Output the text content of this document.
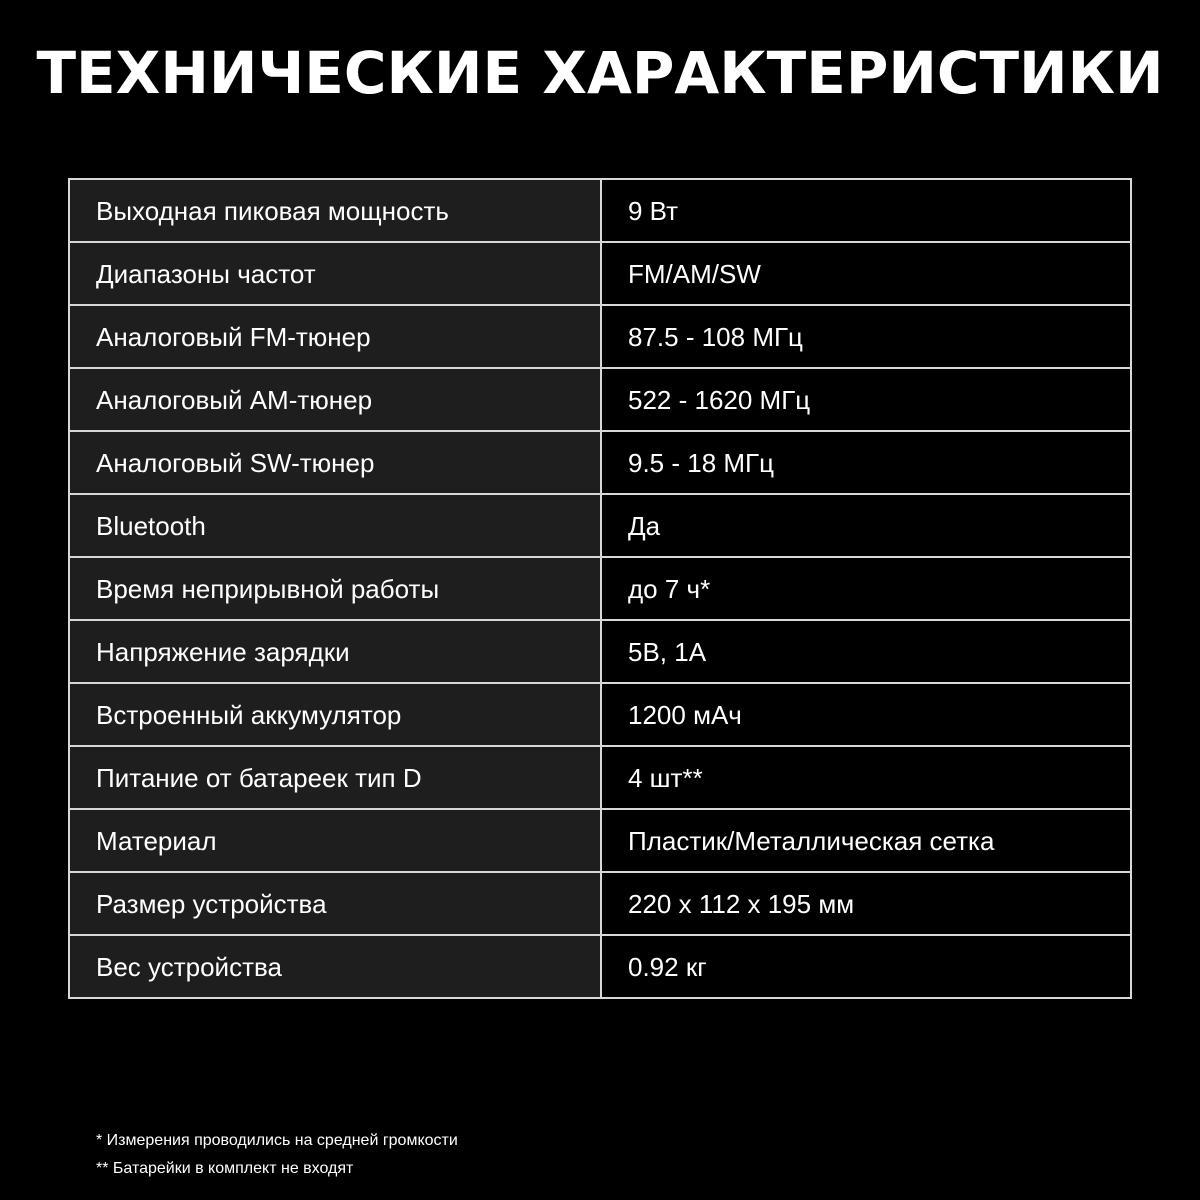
ТЕХНИЧЕСКИЕ ХАРАКТЕРИСТИКИ
Выходная пиковая мощность	9 Вт
Диапазоны частот	FM/AM/SW
Аналоговый FM-тюнер	87.5 - 108 МГц
Аналоговый AM-тюнер	522 - 1620 МГц
Аналоговый SW-тюнер	9.5 - 18 МГц
Bluetooth	Да
Время неприрывной работы	до 7 ч*
Напряжение зарядки	5В, 1А
Встроенный аккумулятор	1200 мАч
Питание от батареек тип D	4 шт**
Материал	Пластик/Металлическая сетка
Размер устройства	220 х 112 х 195 мм
Вес устройства	0.92 кг
* Измерения проводились на средней громкости
** Батарейки в комплект не входят
